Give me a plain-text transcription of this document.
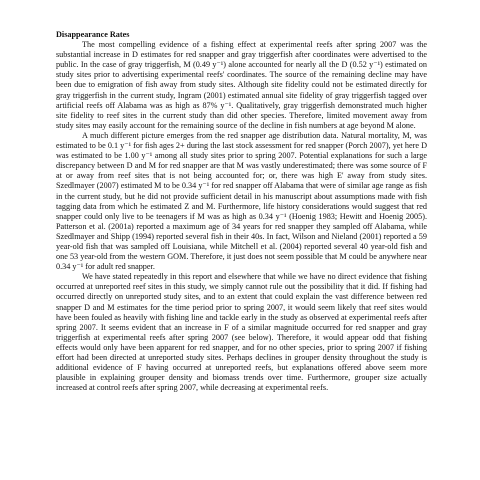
Disappearance Rates

The most compelling evidence of a fishing effect at experimental reefs after spring 2007 was the substantial increase in D estimates for red snapper and gray triggerfish after coordinates were advertised to the public. In the case of gray triggerfish, M (0.49 y⁻¹) alone accounted for nearly all the D (0.52 y⁻¹) estimated on study sites prior to advertising experimental reefs' coordinates. The source of the remaining decline may have been due to emigration of fish away from study sites. Although site fidelity could not be estimated directly for gray triggerfish in the current study, Ingram (2001) estimated annual site fidelity of gray triggerfish tagged over artificial reefs off Alabama was as high as 87% y⁻¹. Qualitatively, gray triggerfish demonstrated much higher site fidelity to reef sites in the current study than did other species. Therefore, limited movement away from study sites may easily account for the remaining source of the decline in fish numbers at age beyond M alone.

A much different picture emerges from the red snapper age distribution data. Natural mortality, M, was estimated to be 0.1 y⁻¹ for fish ages 2+ during the last stock assessment for red snapper (Porch 2007), yet here D was estimated to be 1.00 y⁻¹ among all study sites prior to spring 2007. Potential explanations for such a large discrepancy between D and M for red snapper are that M was vastly underestimated; there was some source of F at or away from reef sites that is not being accounted for; or, there was high E' away from study sites. Szedlmayer (2007) estimated M to be 0.34 y⁻¹ for red snapper off Alabama that were of similar age range as fish in the current study, but he did not provide sufficient detail in his manuscript about assumptions made with fish tagging data from which he estimated Z and M. Furthermore, life history considerations would suggest that red snapper could only live to be teenagers if M was as high as 0.34 y⁻¹ (Hoenig 1983; Hewitt and Hoenig 2005). Patterson et al. (2001a) reported a maximum age of 34 years for red snapper they sampled off Alabama, while Szedlmayer and Shipp (1994) reported several fish in their 40s. In fact, Wilson and Nieland (2001) reported a 59 year-old fish that was sampled off Louisiana, while Mitchell et al. (2004) reported several 40 year-old fish and one 53 year-old from the western GOM. Therefore, it just does not seem possible that M could be anywhere near 0.34 y⁻¹ for adult red snapper.

We have stated repeatedly in this report and elsewhere that while we have no direct evidence that fishing occurred at unreported reef sites in this study, we simply cannot rule out the possibility that it did. If fishing had occurred directly on unreported study sites, and to an extent that could explain the vast difference between red snapper D and M estimates for the time period prior to spring 2007, it would seem likely that reef sites would have been fouled as heavily with fishing line and tackle early in the study as observed at experimental reefs after spring 2007. It seems evident that an increase in F of a similar magnitude occurred for red snapper and gray triggerfish at experimental reefs after spring 2007 (see below). Therefore, it would appear odd that fishing effects would only have been apparent for red snapper, and for no other species, prior to spring 2007 if fishing effort had been directed at unreported study sites. Perhaps declines in grouper density throughout the study is additional evidence of F having occurred at unreported reefs, but explanations offered above seem more plausible in explaining grouper density and biomass trends over time. Furthermore, grouper size actually increased at control reefs after spring 2007, while decreasing at experimental reefs.
